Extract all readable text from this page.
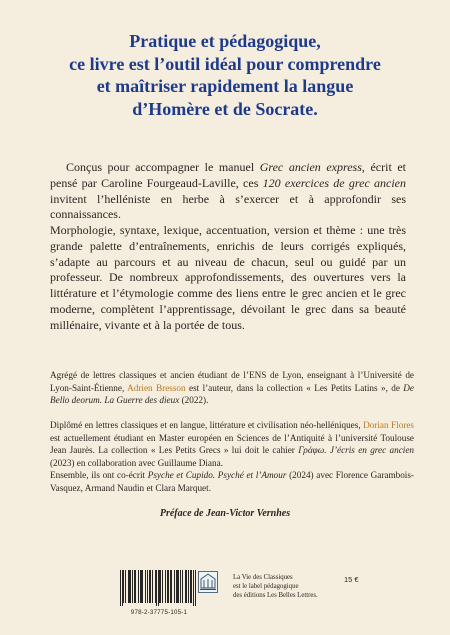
Pratique et pédagogique,
ce livre est l’outil idéal pour comprendre
et maîtriser rapidement la langue
d’Homère et de Socrate.
Conçus pour accompagner le manuel Grec ancien express, écrit et pensé par Caroline Fourgeaud-Laville, ces 120 exercices de grec ancien invitent l’helléniste en herbe à s’exercer et à approfondir ses connaissances.
Morphologie, syntaxe, lexique, accentuation, version et thème : une très grande palette d’entraînements, enrichis de leurs corrigés expliqués, s’adapte au parcours et au niveau de chacun, seul ou guidé par un professeur. De nombreux approfondissements, des ouvertures vers la littérature et l’étymologie comme des liens entre le grec ancien et le grec moderne, complètent l’apprentissage, dévoilant le grec dans sa beauté millénaire, vivante et à la portée de tous.
Agrégé de lettres classiques et ancien étudiant de l’ENS de Lyon, enseignant à l’Université de Lyon-Saint-Étienne, Adrien Bresson est l’auteur, dans la collection « Les Petits Latins », de De Bello deorum. La Guerre des dieux (2022).
Diplômé en lettres classiques et en langue, littérature et civilisation néo-helléniques, Dorian Flores est actuellement étudiant en Master européen en Sciences de l’Antiquité à l’université Toulouse Jean Jaurès. La collection « Les Petits Grecs » lui doit le cahier Γράφω. J’écris en grec ancien (2023) en collaboration avec Guillaume Diana.
Ensemble, ils ont co-écrit Psyche et Cupido. Psyché et l’Amour (2024) avec Florence Garambois-Vasquez, Armand Naudin et Clara Marquet.
Préface de Jean-Victor Vernhes
978-2-37775-105-1
La Vie des Classiques
est le label pédagogique
des éditions Les Belles Lettres.
15 €
